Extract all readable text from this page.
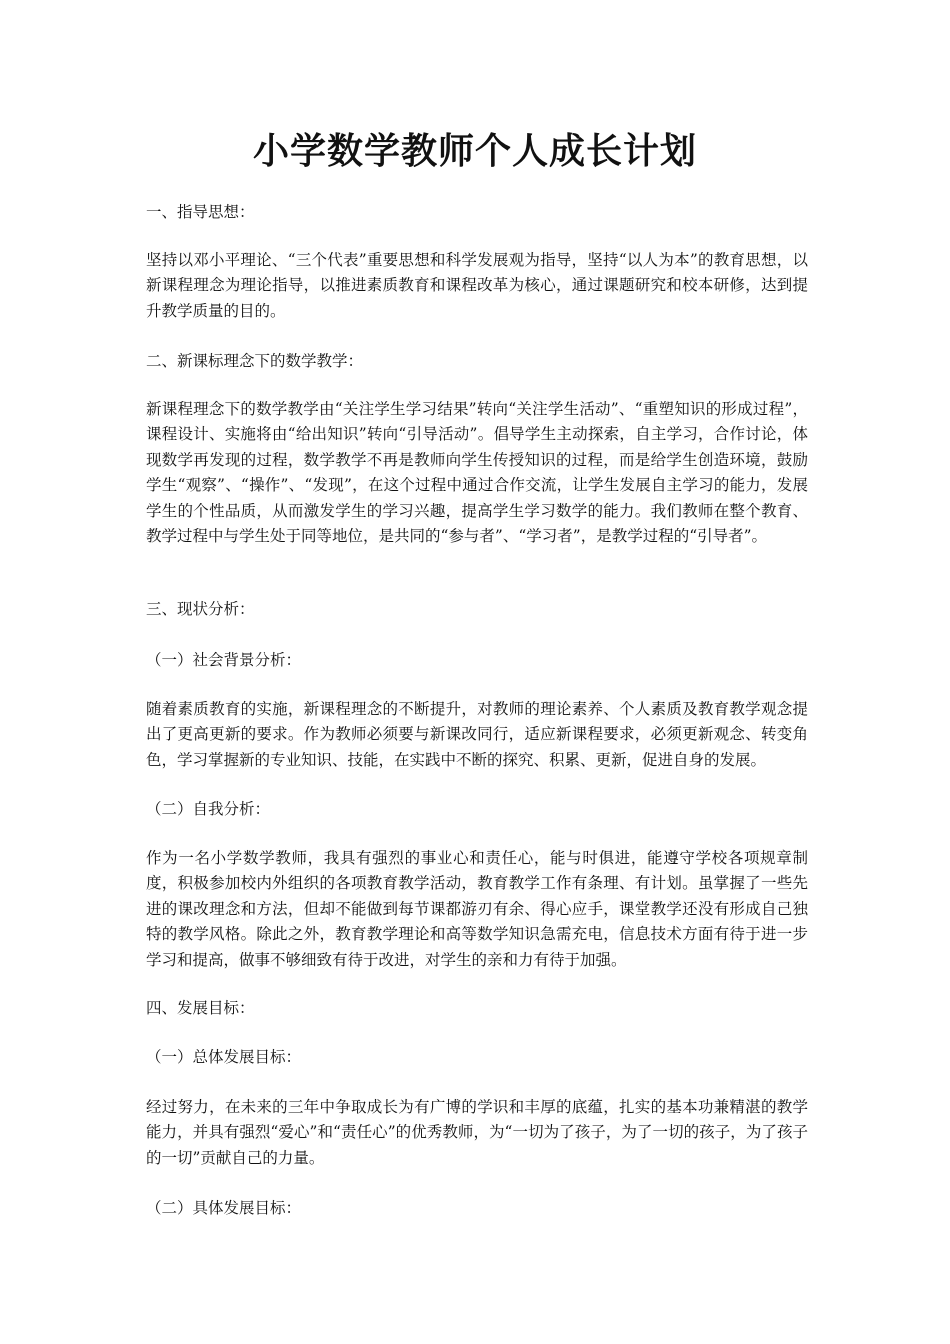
小学数学教师个人成长计划

一、指导思想：

坚持以邓小平理论、“三个代表”重要思想和科学发展观为指导，坚持“以人为本”的教育思想，以新课程理念为理论指导，以推进素质教育和课程改革为核心，通过课题研究和校本研修，达到提升教学质量的目的。

二、新课标理念下的数学教学：

新课程理念下的数学教学由“关注学生学习结果”转向“关注学生活动”、“重塑知识的形成过程”，课程设计、实施将由“给出知识”转向“引导活动”。倡导学生主动探索，自主学习，合作讨论，体现数学再发现的过程，数学教学不再是教师向学生传授知识的过程，而是给学生创造环境，鼓励学生“观察”、“操作”、“发现”，在这个过程中通过合作交流，让学生发展自主学习的能力，发展学生的个性品质，从而激发学生的学习兴趣，提高学生学习数学的能力。我们教师在整个教育、教学过程中与学生处于同等地位，是共同的“参与者”、“学习者”，是教学过程的“引导者”。

三、现状分析：

（一）社会背景分析：

随着素质教育的实施，新课程理念的不断提升，对教师的理论素养、个人素质及教育教学观念提出了更高更新的要求。作为教师必须要与新课改同行，适应新课程要求，必须更新观念、转变角色，学习掌握新的专业知识、技能，在实践中不断的探究、积累、更新，促进自身的发展。

（二）自我分析：

作为一名小学数学教师，我具有强烈的事业心和责任心，能与时俱进，能遵守学校各项规章制度，积极参加校内外组织的各项教育教学活动，教育教学工作有条理、有计划。虽掌握了一些先进的课改理念和方法，但却不能做到每节课都游刃有余、得心应手，课堂教学还没有形成自己独特的教学风格。除此之外，教育教学理论和高等数学知识急需充电，信息技术方面有待于进一步学习和提高，做事不够细致有待于改进，对学生的亲和力有待于加强。

四、发展目标：

（一）总体发展目标：

经过努力，在未来的三年中争取成长为有广博的学识和丰厚的底蕴，扎实的基本功兼精湛的教学能力，并具有强烈“爱心”和“责任心”的优秀教师，为“一切为了孩子，为了一切的孩子，为了孩子的一切”贡献自己的力量。

（二）具体发展目标：
